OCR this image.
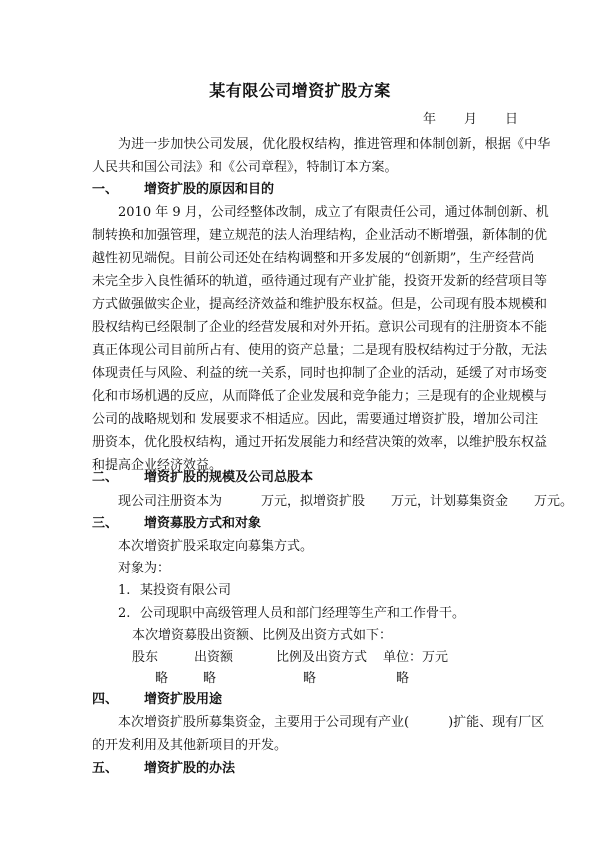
某有限公司增资扩股方案
年 月 日
为进一步加快公司发展，优化股权结构，推进管理和体制创新，根据《中华
人民共和国公司法》和《公司章程》，特制订本方案。
一、 增资扩股的原因和目的
2010 年 9 月，公司经整体改制，成立了有限责任公司，通过体制创新、机
制转换和加强管理，建立规范的法人治理结构，企业活动不断增强，新体制的优
越性初见端倪。目前公司还处在结构调整和开多发展的“创新期”，生产经营尚
未完全步入良性循环的轨道，亟待通过现有产业扩能，投资开发新的经营项目等
方式做强做实企业，提高经济效益和维护股东权益。但是，公司现有股本规模和
股权结构已经限制了企业的经营发展和对外开拓。意识公司现有的注册资本不能
真正体现公司目前所占有、使用的资产总量；二是现有股权结构过于分散，无法
体现责任与风险、利益的统一关系，同时也抑制了企业的活动，延缓了对市场变
化和市场机遇的反应，从而降低了企业发展和竞争能力；三是现有的企业规模与
公司的战略规划和 发展要求不相适应。因此，需要通过增资扩股，增加公司注
册资本，优化股权结构，通过开拓发展能力和经营决策的效率，以维护股东权益
和提高企业经济效益。
二、 增资扩股的规模及公司总股本
现公司注册资本为　　　万元，拟增资扩股　　万元，计划募集资金　　万元。
三、 增资募股方式和对象
本次增资扩股采取定向募集方式。
对象为：
1. 某投资有限公司
2. 公司现职中高级管理人员和部门经理等生产和工作骨干。
本次增资募股出资额、比例及出资方式如下：
股东	出资额	比例及出资方式 单位：万元
略	略	略	略
四、 增资扩股用途
本次增资扩股所募集资金，主要用于公司现有产业(　　　)扩能、现有厂区
的开发利用及其他新项目的开发。
五、 增资扩股的办法
